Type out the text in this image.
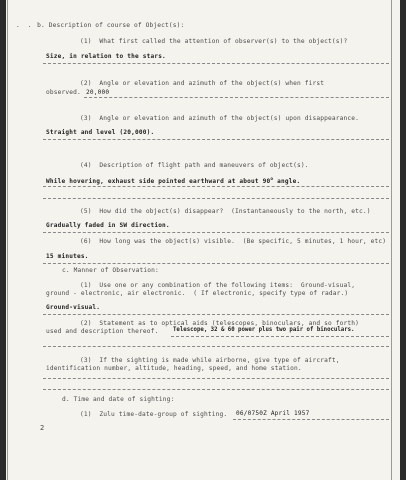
. . b. Description of course of Object(s):
(1)  What first called the attention of observer(s) to the object(s)?
Size, in relation to the stars.
(2)  Angle or elevation and azimuth of the object(s) when first
observed. 20,000
(3)  Angle or elevation and azimuth of the object(s) upon disappearance.
Straight and level (20,000).
(4)  Description of flight path and maneuvers of object(s).
While hovering, exhaust side pointed earthward at about 90$^o$ angle.
(5)  How did the object(s) disappear?  (Instantaneously to the north, etc.)
Gradually faded in SW direction.
(6)  How long was the object(s) visible.  (Be specific, 5 minutes, 1 hour, etc)
15 minutes.
c. Manner of Observation:
(1)  Use one or any combination of the following items:  Ground-visual,
ground - electronic, air electronic.  ( If electronic, specify type of radar.)
Ground-visual.
(2)  Statement as to optical aids (telescopes, binoculars, and so forth)
used and description thereof.	Telescope, 32 & 60 power plus two pair of binoculars.
(3)  If the sighting is made while airborne, give type of aircraft,
identification number, altitude, heading, speed, and home station.
d. Time and date of sighting:
(1)  Zulu time-date-group of sighting. 06/0750Z April 1957
2
